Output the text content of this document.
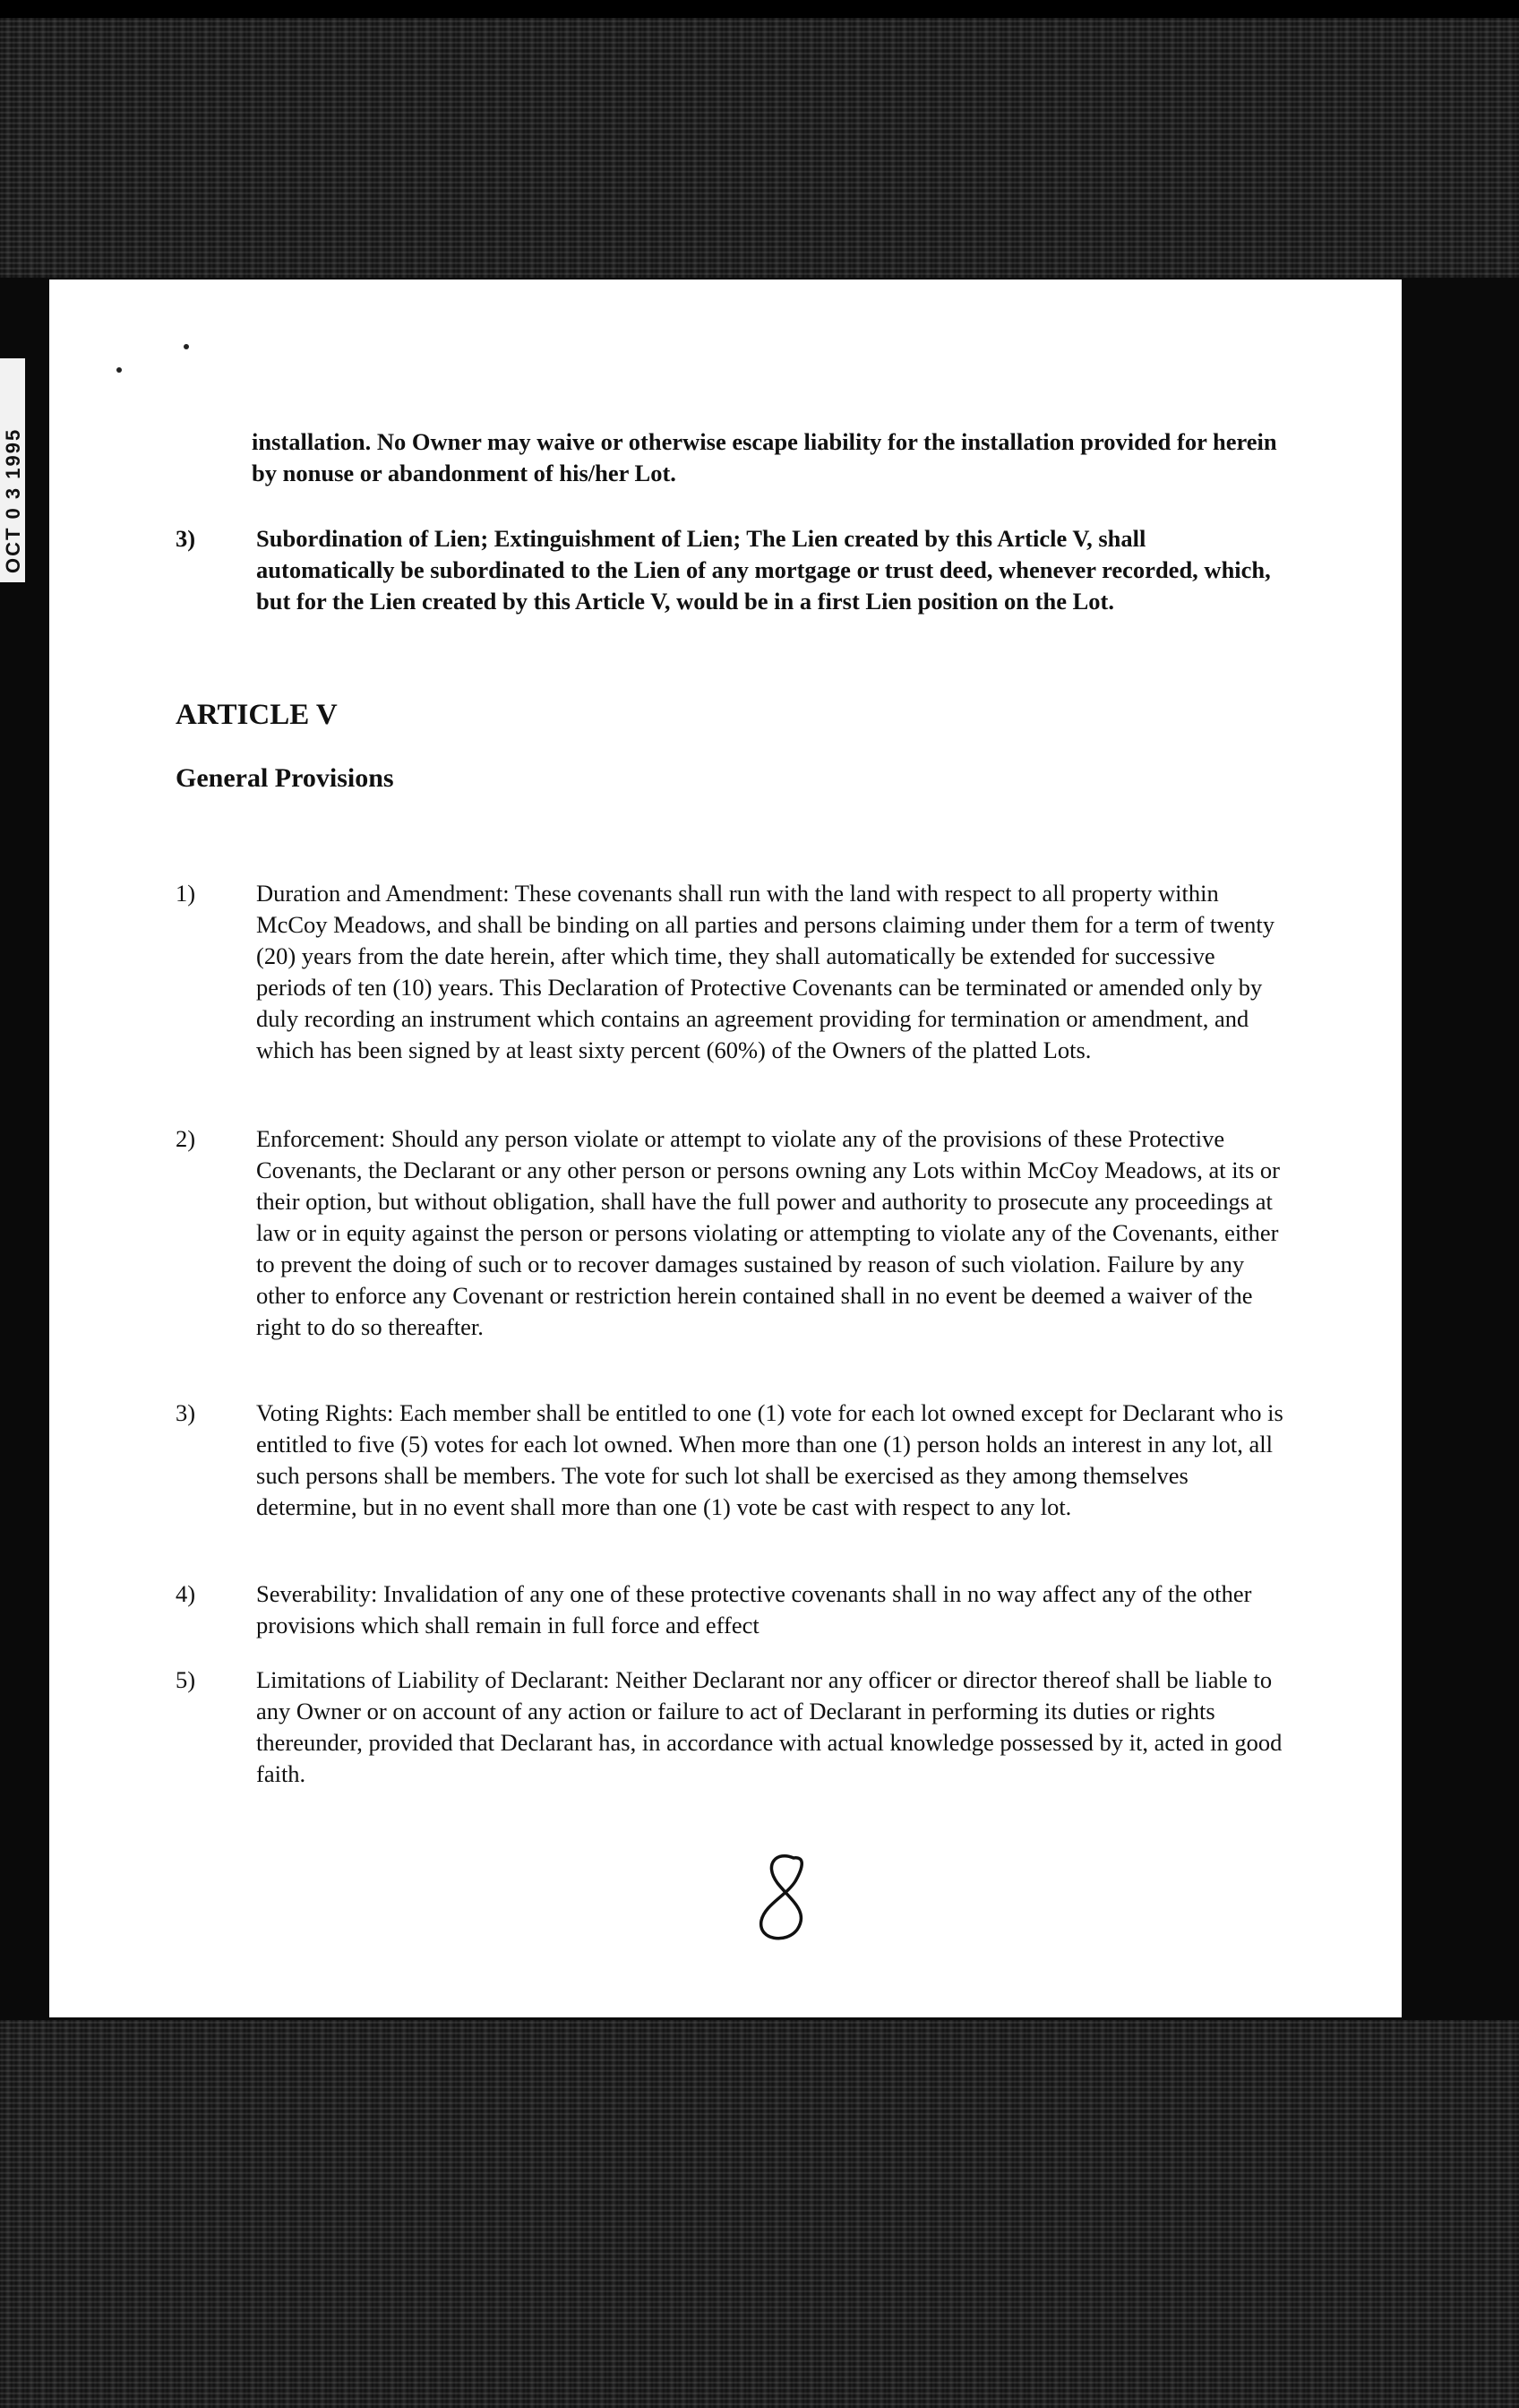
OCT 0 3 1995	installation. No Owner may waive or otherwise escape liability for the installation provided for herein by nonuse or abandonment of his/her Lot.

3)	Subordination of Lien; Extinguishment of Lien; The Lien created by this Article V, shall automatically be subordinated to the Lien of any mortgage or trust deed, whenever recorded, which, but for the Lien created by this Article V, would be in a first Lien position on the Lot.
ARTICLE V
General Provisions
1)	Duration and Amendment: These covenants shall run with the land with respect to all property within McCoy Meadows, and shall be binding on all parties and persons claiming under them for a term of twenty (20) years from the date herein, after which time, they shall automatically be extended for successive periods of ten (10) years. This Declaration of Protective Covenants can be terminated or amended only by duly recording an instrument which contains an agreement providing for termination or amendment, and which has been signed by at least sixty percent (60%) of the Owners of the platted Lots.
2)	Enforcement: Should any person violate or attempt to violate any of the provisions of these Protective Covenants, the Declarant or any other person or persons owning any Lots within McCoy Meadows, at its or their option, but without obligation, shall have the full power and authority to prosecute any proceedings at law or in equity against the person or persons violating or attempting to violate any of the Covenants, either to prevent the doing of such or to recover damages sustained by reason of such violation. Failure by any other to enforce any Covenant or restriction herein contained shall in no event be deemed a waiver of the right to do so thereafter.
3)	Voting Rights: Each member shall be entitled to one (1) vote for each lot owned except for Declarant who is entitled to five (5) votes for each lot owned. When more than one (1) person holds an interest in any lot, all such persons shall be members. The vote for such lot shall be exercised as they among themselves determine, but in no event shall more than one (1) vote be cast with respect to any lot.
4)	Severability: Invalidation of any one of these protective covenants shall in no way affect any of the other provisions which shall remain in full force and effect
5)	Limitations of Liability of Declarant: Neither Declarant nor any officer or director thereof shall be liable to any Owner or on account of any action or failure to act of Declarant in performing its duties or rights thereunder, provided that Declarant has, in accordance with actual knowledge possessed by it, acted in good faith.
